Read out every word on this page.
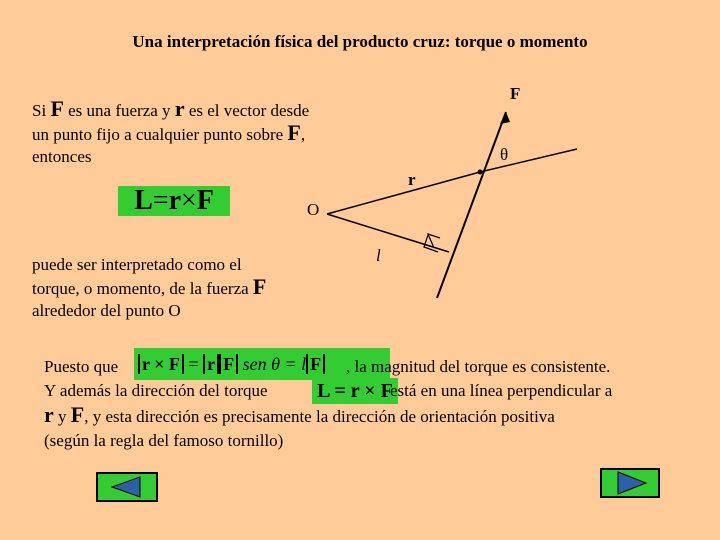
Una interpretación física del producto cruz: torque o momento
Si F es una fuerza y r es el vector desde
un punto fijo a cualquier punto sobre F,
entonces
L = r × F
puede ser interpretado como el
torque, o momento, de la fuerza F
alrededor del punto O
F
θ
r
O
l
Puesto que r × F = r F sen θ = l F , la magnitud del torque es consistente.
Y además la dirección del torque L = r × F
está en una línea perpendicular a
r y F, y esta dirección es precisamente la dirección de orientación positiva
(según la regla del famoso tornillo)
